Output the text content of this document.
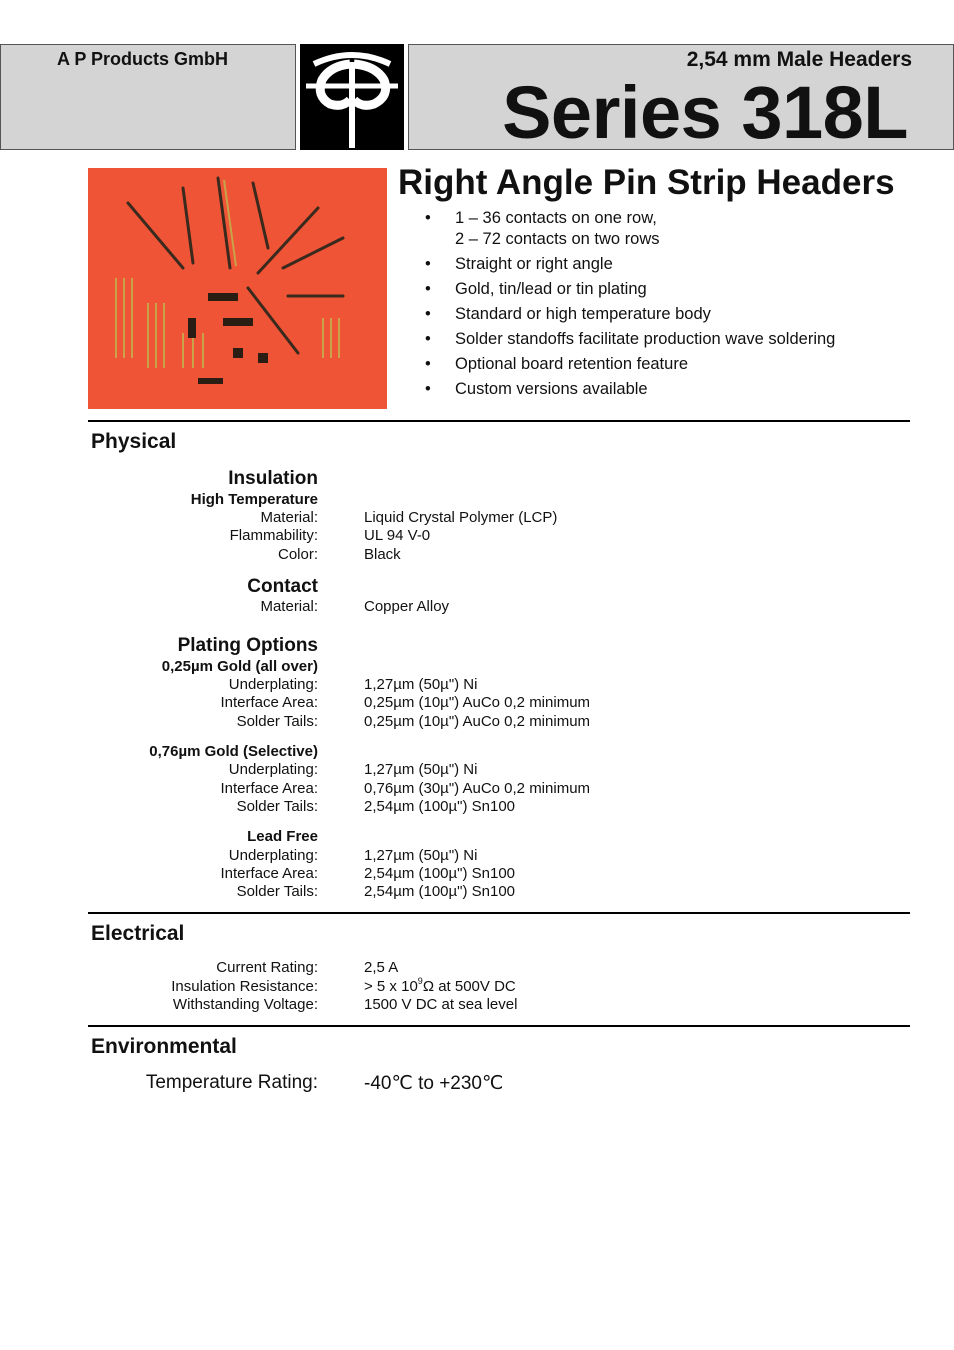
A P Products GmbH	2,54 mm Male Headers
Series 318L
Right Angle Pin Strip Headers
• 1 – 36 contacts on one row,
2 – 72 contacts on two rows
• Straight or right angle
• Gold, tin/lead or tin plating
• Standard or high temperature body
• Solder standoffs facilitate production wave soldering
• Optional board retention feature
• Custom versions available
Physical
Insulation
High Temperature
Material:	Liquid Crystal Polymer (LCP)
Flammability:	UL 94 V-0
Color:	Black
Contact
Material:	Copper Alloy
Plating Options
0,25µm Gold (all over)
Underplating:	1,27µm (50µ") Ni
Interface Area:	0,25µm (10µ") AuCo 0,2 minimum
Solder Tails:	0,25µm (10µ") AuCo 0,2 minimum
0,76µm Gold (Selective)
Underplating:	1,27µm (50µ") Ni
Interface Area:	0,76µm (30µ") AuCo 0,2 minimum
Solder Tails:	2,54µm (100µ") Sn100
Lead Free
Underplating:	1,27µm (50µ") Ni
Interface Area:	2,54µm (100µ") Sn100
Solder Tails:	2,54µm (100µ") Sn100
Electrical
Current Rating:	2,5 A
Insulation Resistance:	> 5 x $10^9\Omega$ at 500V DC
Withstanding Voltage:	1500 V DC at sea level
Environmental
Temperature Rating: -40℃ to +230℃
